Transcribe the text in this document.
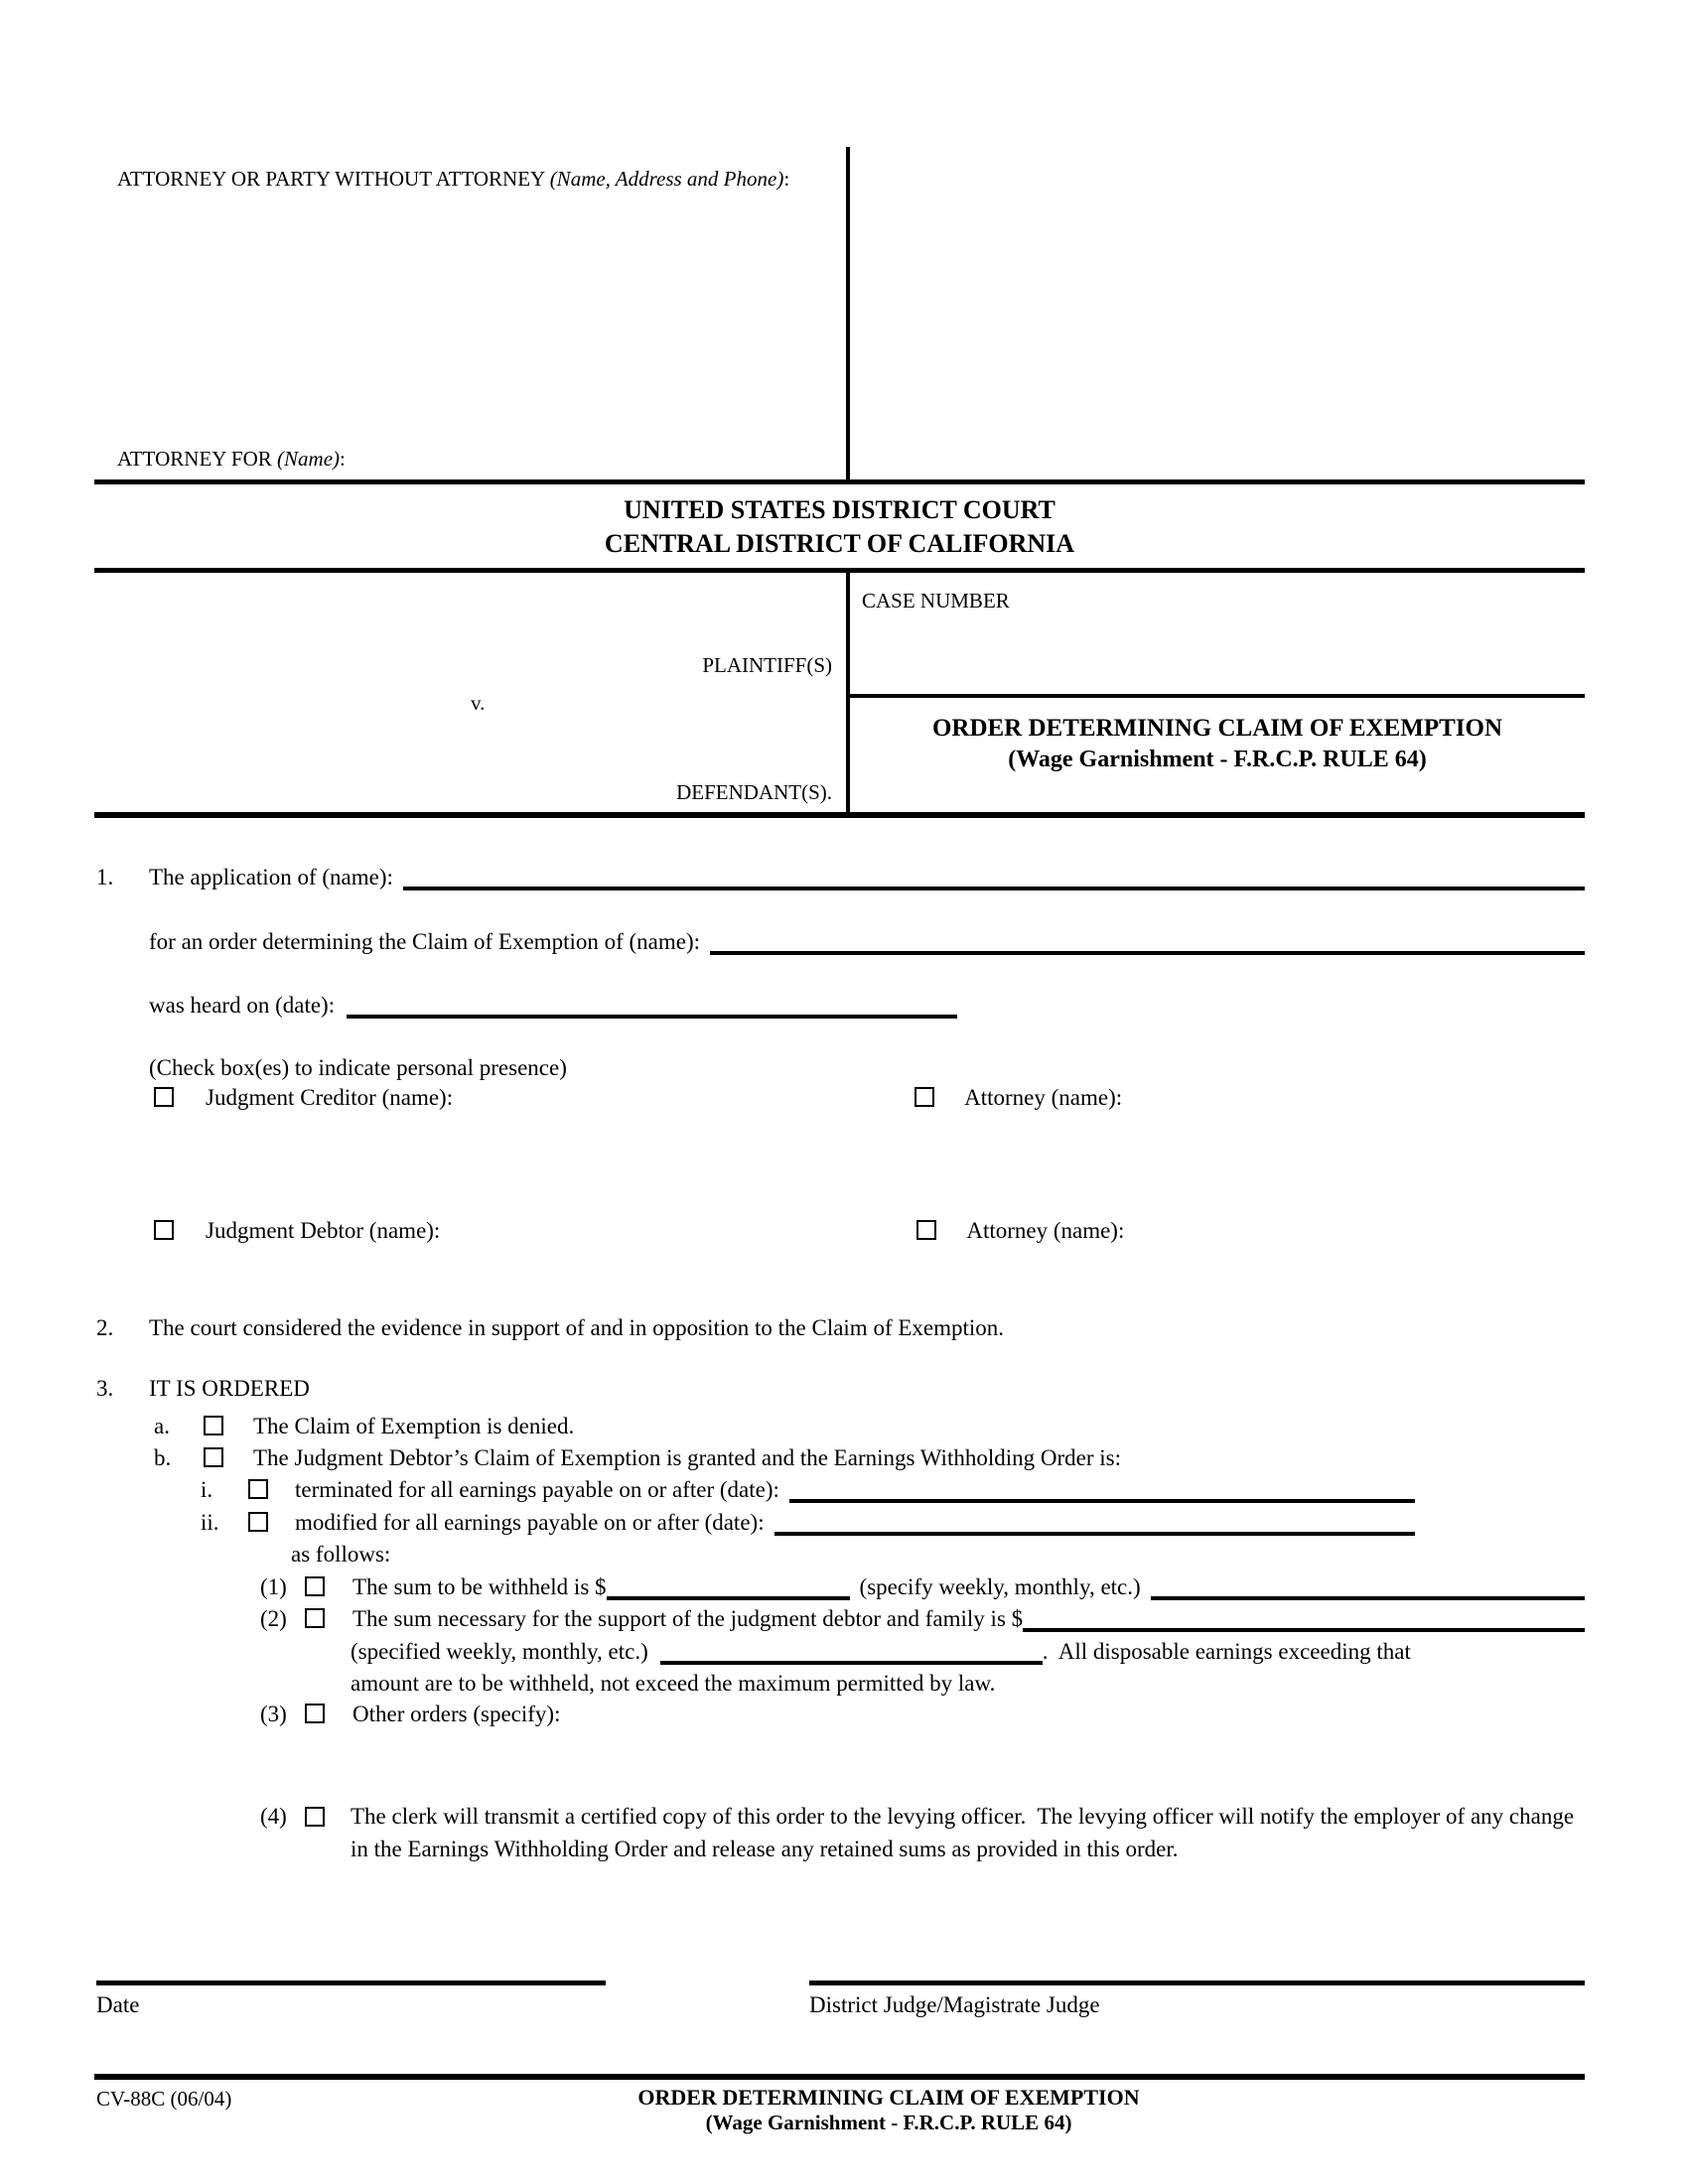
ATTORNEY OR PARTY WITHOUT ATTORNEY (Name, Address and Phone):
ATTORNEY FOR (Name):
UNITED STATES DISTRICT COURT
CENTRAL DISTRICT OF CALIFORNIA
PLAINTIFF(S)
v.
DEFENDANT(S).
CASE NUMBER
ORDER DETERMINING CLAIM OF EXEMPTION
(Wage Garnishment - F.R.C.P. RULE 64)
1.	The application of (name):
for an order determining the Claim of Exemption of (name):
was heard on (date):
(Check box(es) to indicate personal presence)
Judgment Creditor (name):	Attorney (name):
Judgment Debtor (name):	Attorney (name):
2.	The court considered the evidence in support of and in opposition to the Claim of Exemption.
3.	IT IS ORDERED
a.	The Claim of Exemption is denied.
b.	The Judgment Debtor’s Claim of Exemption is granted and the Earnings Withholding Order is:
i.	terminated for all earnings payable on or after (date):
ii.	modified for all earnings payable on or after (date):
as follows:
(1)	The sum to be withheld is $	(specify weekly, monthly, etc.)
(2)	The sum necessary for the support of the judgment debtor and family is $
(specified weekly, monthly, etc.)	.  All disposable earnings exceeding that
amount are to be withheld, not exceed the maximum permitted by law.
(3)	Other orders (specify):
(4)	The clerk will transmit a certified copy of this order to the levying officer.  The levying officer will notify the employer of any change in the Earnings Withholding Order and release any retained sums as provided in this order.
Date	District Judge/Magistrate Judge
CV-88C (06/04)	ORDER DETERMINING CLAIM OF EXEMPTION
(Wage Garnishment - F.R.C.P. RULE 64)
